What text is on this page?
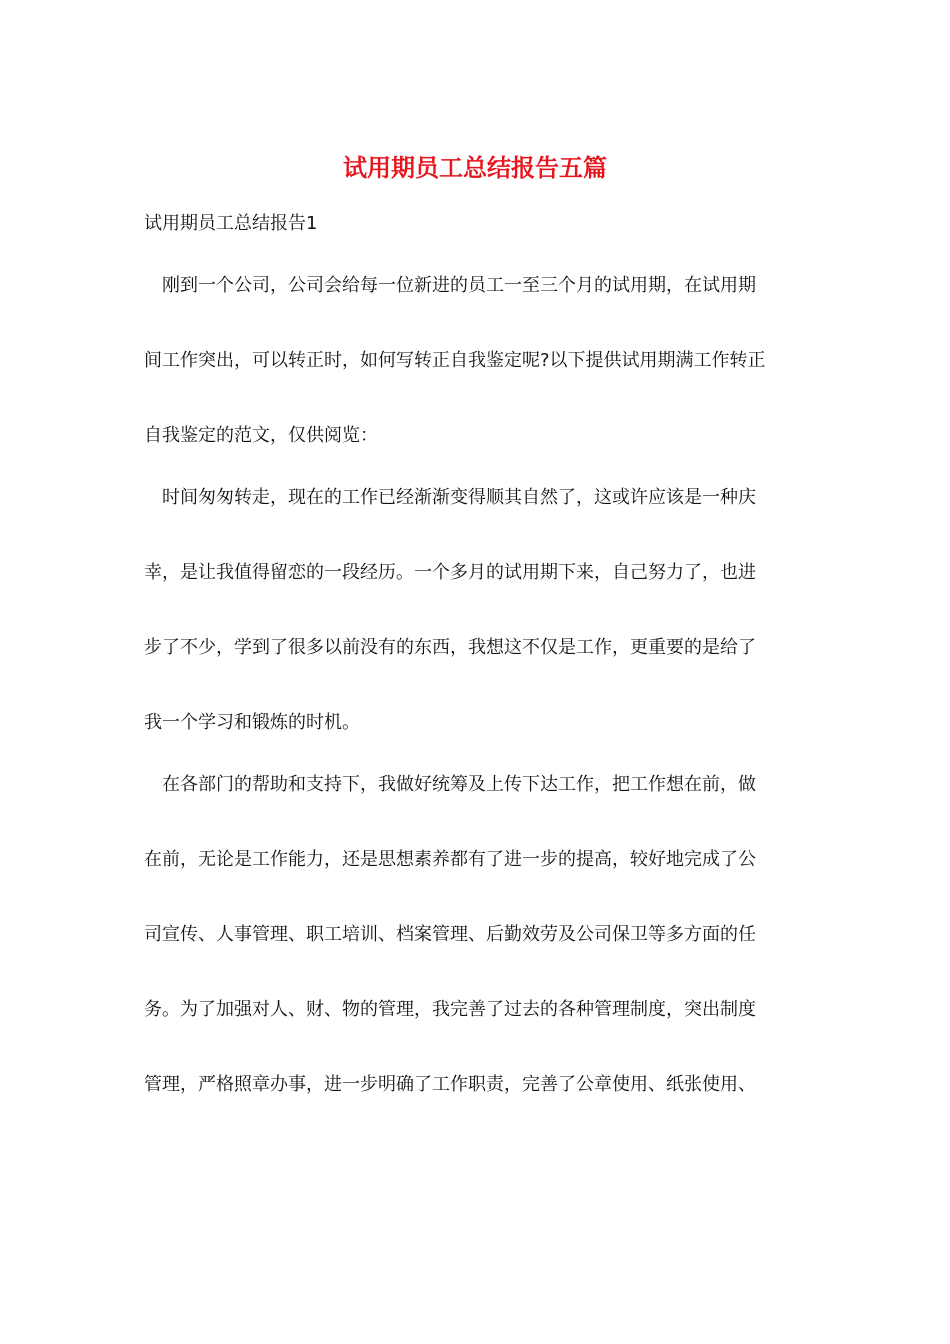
试用期员工总结报告五篇

试用期员工总结报告1

刚到一个公司，公司会给每一位新进的员工一至三个月的试用期，在试用期

间工作突出，可以转正时，如何写转正自我鉴定呢?以下提供试用期满工作转正

自我鉴定的范文，仅供阅览：

时间匆匆转走，现在的工作已经渐渐变得顺其自然了，这或许应该是一种庆

幸，是让我值得留恋的一段经历。一个多月的试用期下来，自己努力了，也进

步了不少，学到了很多以前没有的东西，我想这不仅是工作，更重要的是给了

我一个学习和锻炼的时机。

在各部门的帮助和支持下，我做好统筹及上传下达工作，把工作想在前，做

在前，无论是工作能力，还是思想素养都有了进一步的提高，较好地完成了公

司宣传、人事管理、职工培训、档案管理、后勤效劳及公司保卫等多方面的任

务。为了加强对人、财、物的管理，我完善了过去的各种管理制度，突出制度

管理，严格照章办事，进一步明确了工作职责，完善了公章使用、纸张使用、
